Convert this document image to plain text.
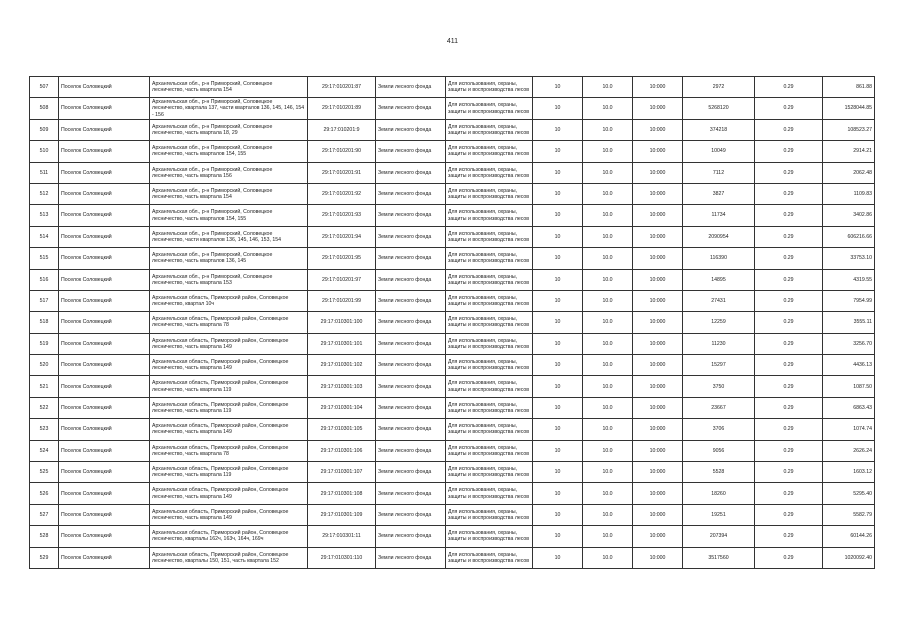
411
507	Поселок Соловецкий	Архангельская обл., р-н Приморский, Соловецкое лесничество, часть квартала 154	29:17:010201:87	Земли лесного фонда	Для использования, охраны, защиты и воспроизводства лесов	10	10.0	10:000	2972	0.29	861.88
508	Поселок Соловецкий	Архангельская обл., р-н Приморский, Соловецкое лесничество, квартала 137, части кварталов 136, 145, 146, 154 - 156	29:17:010201:89	Земли лесного фонда	Для использования, охраны, защиты и воспроизводства лесов	10	10.0	10:000	5268120	0.29	1528044.85
509	Поселок Соловецкий	Архангельская обл., р-н Приморский, Соловецкое лесничество, часть квартала 18, 29	29:17:010201:9	Земли лесного фонда	Для использования, охраны, защиты и воспроизводства лесов	10	10.0	10:000	374218	0.29	108523.27
510	Поселок Соловецкий	Архангельская обл., р-н Приморский, Соловецкое лесничество, часть кварталов 154, 155	29:17:010201:90	Земли лесного фонда	Для использования, охраны, защиты и воспроизводства лесов	10	10.0	10:000	10049	0.29	2914.21
511	Поселок Соловецкий	Архангельская обл., р-н Приморский, Соловецкое лесничество, часть квартала 156	29:17:010201:91	Земли лесного фонда	Для использования, охраны, защиты и воспроизводства лесов	10	10.0	10:000	7112	0.29	2062.48
512	Поселок Соловецкий	Архангельская обл., р-н Приморский, Соловецкое лесничество, часть квартала 154	29:17:010201:92	Земли лесного фонда	Для использования, охраны, защиты и воспроизводства лесов	10	10.0	10:000	3827	0.29	1109.83
513	Поселок Соловецкий	Архангельская обл., р-н Приморский, Соловецкое лесничество, часть кварталов 154, 155	29:17:010201:93	Земли лесного фонда	Для использования, охраны, защиты и воспроизводства лесов	10	10.0	10:000	11734	0.29	3402.86
514	Поселок Соловецкий	Архангельская обл., р-н Приморский, Соловецкое лесничество, части кварталов 136, 145, 146, 153, 154	29:17:010201:94	Земли лесного фонда	Для использования, охраны, защиты и воспроизводства лесов	10	10.0	10:000	2090954	0.29	606216.66
515	Поселок Соловецкий	Архангельская обл., р-н Приморский, Соловецкое лесничество, часть кварталов 136, 145	29:17:010201:95	Земли лесного фонда	Для использования, охраны, защиты и воспроизводства лесов	10	10.0	10:000	116390	0.29	33753.10
516	Поселок Соловецкий	Архангельская обл., р-н Приморский, Соловецкое лесничество, часть квартала 153	29:17:010201:97	Земли лесного фонда	Для использования, охраны, защиты и воспроизводства лесов	10	10.0	10:000	14895	0.29	4319.55
517	Поселок Соловецкий	Архангельская область, Приморский район, Соловецкое лесничество, квартал 10ч	29:17:010201:99	Земли лесного фонда	Для использования, охраны, защиты и воспроизводства лесов	10	10.0	10:000	27431	0.29	7954.99
518	Поселок Соловецкий	Архангельская область, Приморский район, Соловецкое лесничество, часть квартала 78	29:17:010301:100	Земли лесного фонда	Для использования, охраны, защиты и воспроизводства лесов	10	10.0	10:000	12259	0.29	3555.11
519	Поселок Соловецкий	Архангельская область, Приморский район, Соловецкое лесничество, часть квартала 149	29:17:010301:101	Земли лесного фонда	Для использования, охраны, защиты и воспроизводства лесов	10	10.0	10:000	11230	0.29	3256.70
520	Поселок Соловецкий	Архангельская область, Приморский район, Соловецкое лесничество, часть квартала 149	29:17:010301:102	Земли лесного фонда	Для использования, охраны, защиты и воспроизводства лесов	10	10.0	10:000	15297	0.29	4436.13
521	Поселок Соловецкий	Архангельская область, Приморский район, Соловецкое лесничество, часть квартала 119	29:17:010301:103	Земли лесного фонда	Для использования, охраны, защиты и воспроизводства лесов	10	10.0	10:000	3750	0.29	1087.50
522	Поселок Соловецкий	Архангельская область, Приморский район, Соловецкое лесничество, часть квартала 119	29:17:010301:104	Земли лесного фонда	Для использования, охраны, защиты и воспроизводства лесов	10	10.0	10:000	23667	0.29	6863.43
523	Поселок Соловецкий	Архангельская область, Приморский район, Соловецкое лесничество, часть квартала 149	29:17:010301:105	Земли лесного фонда	Для использования, охраны, защиты и воспроизводства лесов	10	10.0	10:000	3706	0.29	1074.74
524	Поселок Соловецкий	Архангельская область, Приморский район, Соловецкое лесничество, часть квартала 78	29:17:010301:106	Земли лесного фонда	Для использования, охраны, защиты и воспроизводства лесов	10	10.0	10:000	9056	0.29	2626.24
525	Поселок Соловецкий	Архангельская область, Приморский район, Соловецкое лесничество, часть квартала 119	29:17:010301:107	Земли лесного фонда	Для использования, охраны, защиты и воспроизводства лесов	10	10.0	10:000	5528	0.29	1603.12
526	Поселок Соловецкий	Архангельская область, Приморский район, Соловецкое лесничество, часть квартала 149	29:17:010301:108	Земли лесного фонда	Для использования, охраны, защиты и воспроизводства лесов	10	10.0	10:000	18260	0.29	5295.40
527	Поселок Соловецкий	Архангельская область, Приморский район, Соловецкое лесничество, часть квартала 149	29:17:010301:109	Земли лесного фонда	Для использования, охраны, защиты и воспроизводства лесов	10	10.0	10:000	19251	0.29	5582.79
528	Поселок Соловецкий	Архангельская область, Приморский район, Соловецкое лесничество, кварталы 162ч, 163ч, 164ч, 169ч	29:17:010301:11	Земли лесного фонда	Для использования, охраны, защиты и воспроизводства лесов	10	10.0	10:000	207394	0.29	60144.26
529	Поселок Соловецкий	Архангельская область, Приморский район, Соловецкое лесничество, кварталы 150, 151, часть квартала 152	29:17:010301:110	Земли лесного фонда	Для использования, охраны, защиты и воспроизводства лесов	10	10.0	10:000	3517560	0.29	1020092.40
